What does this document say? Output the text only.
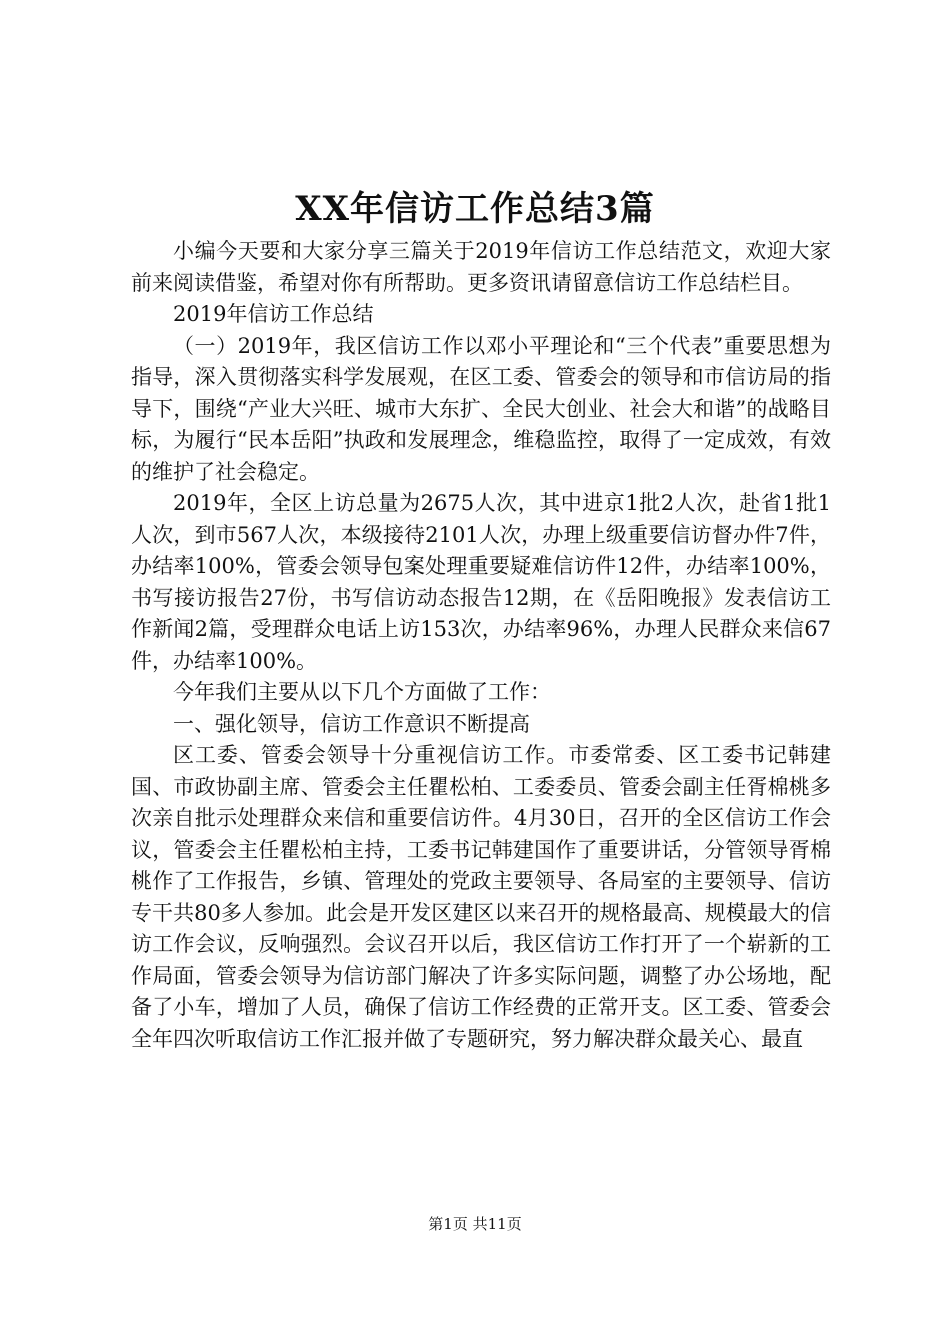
XX年信访工作总结3篇

小编今天要和大家分享三篇关于2019年信访工作总结范文，欢迎大家前来阅读借鉴，希望对你有所帮助。更多资讯请留意信访工作总结栏目。

2019年信访工作总结

（一）2019年，我区信访工作以邓小平理论和“三个代表”重要思想为指导，深入贯彻落实科学发展观，在区工委、管委会的领导和市信访局的指导下，围绕“产业大兴旺、城市大东扩、全民大创业、社会大和谐”的战略目标，为履行“民本岳阳”执政和发展理念，维稳监控，取得了一定成效，有效的维护了社会稳定。

2019年，全区上访总量为2675人次，其中进京1批2人次，赴省1批1人次，到市567人次，本级接待2101人次，办理上级重要信访督办件7件，办结率100%，管委会领导包案处理重要疑难信访件12件，办结率100%，书写接访报告27份，书写信访动态报告12期，在《岳阳晚报》发表信访工作新闻2篇，受理群众电话上访153次，办结率96%，办理人民群众来信67件，办结率100%。

今年我们主要从以下几个方面做了工作：

一、强化领导，信访工作意识不断提高

区工委、管委会领导十分重视信访工作。市委常委、区工委书记韩建国、市政协副主席、管委会主任瞿松柏、工委委员、管委会副主任胥棉桃多次亲自批示处理群众来信和重要信访件。4月30日，召开的全区信访工作会议，管委会主任瞿松柏主持，工委书记韩建国作了重要讲话，分管领导胥棉桃作了工作报告，乡镇、管理处的党政主要领导、各局室的主要领导、信访专干共80多人参加。此会是开发区建区以来召开的规格最高、规模最大的信访工作会议，反响强烈。会议召开以后，我区信访工作打开了一个崭新的工作局面，管委会领导为信访部门解决了许多实际问题，调整了办公场地，配备了小车，增加了人员，确保了信访工作经费的正常开支。区工委、管委会全年四次听取信访工作汇报并做了专题研究，努力解决群众最关心、最直

第1页 共11页
